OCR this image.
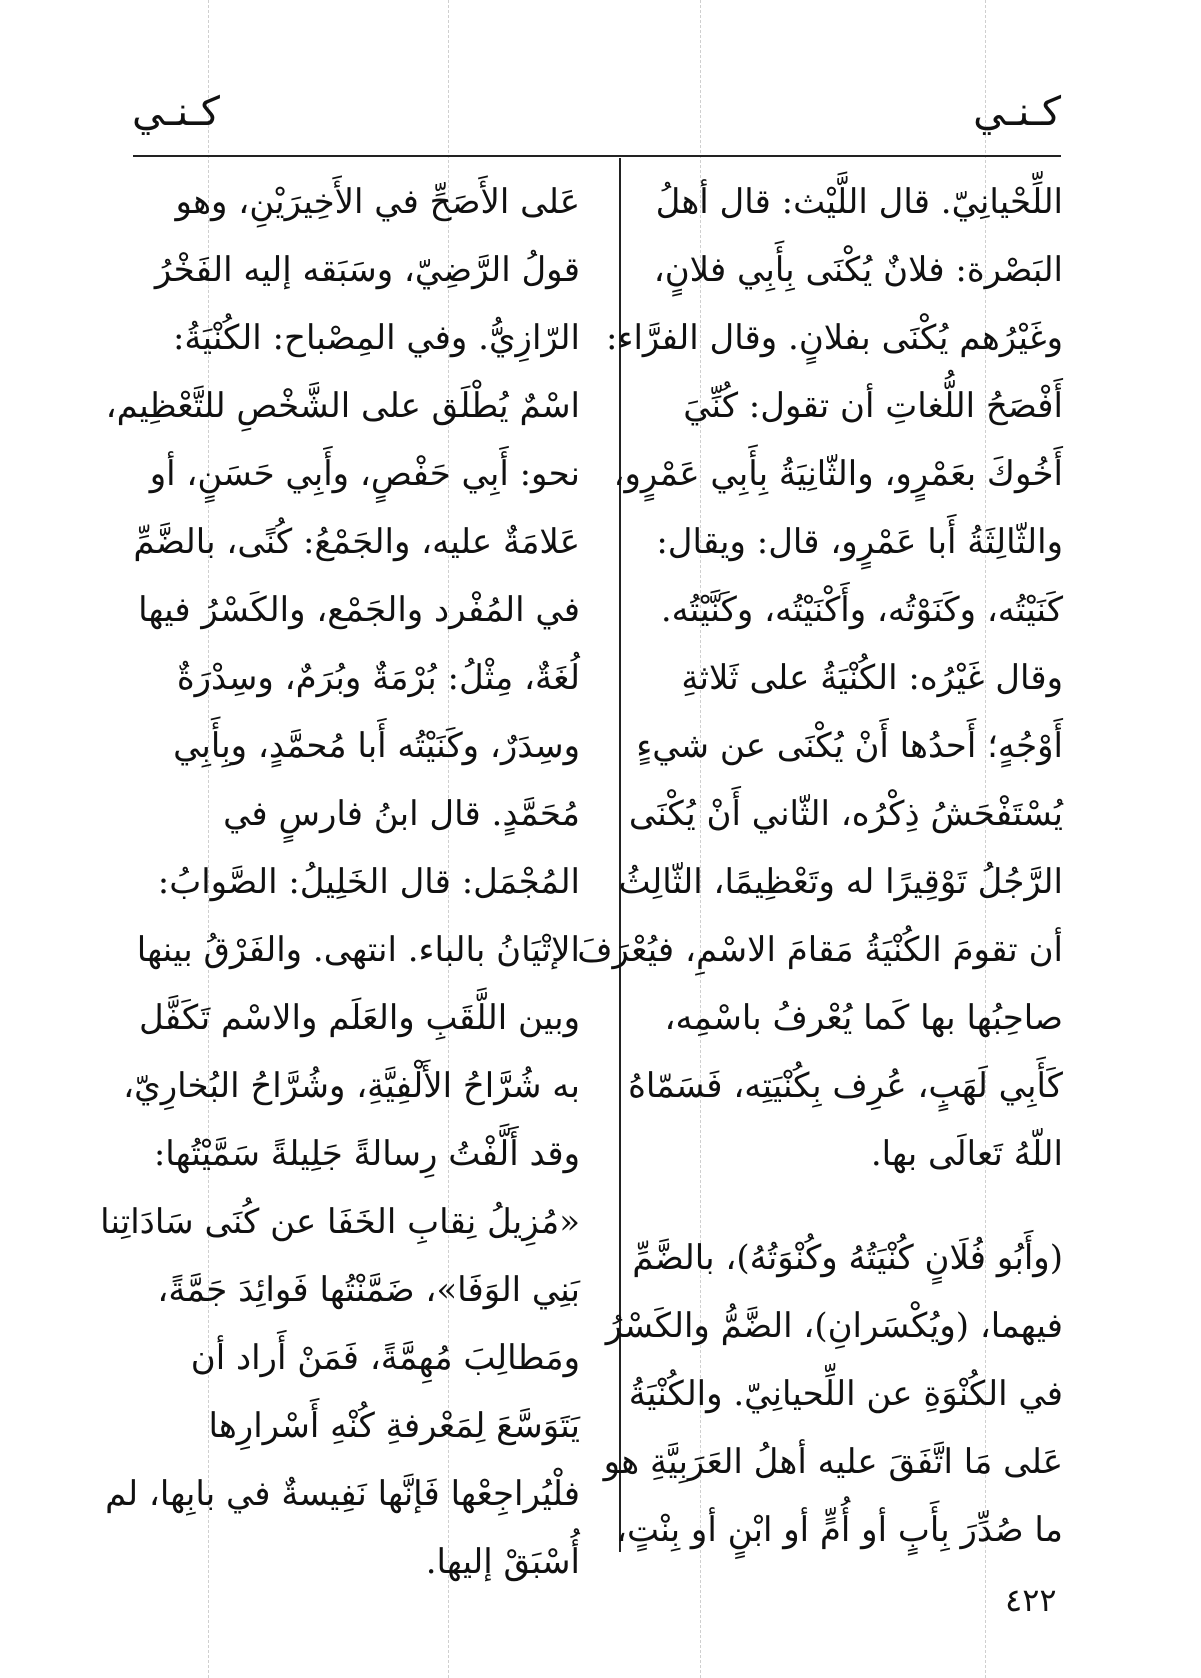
كـنـي
كـنـي
اللِّحْيانِيّ. قال اللَّيْث: قال أهلُ
البَصْرة: فلانٌ يُكْنَى بِأَبِي فلانٍ،
وغَيْرُهم يُكْنَى بفلانٍ. وقال الفرَّاء:
أَفْصَحُ اللُّغاتِ أن تقول: كُنِّيَ
أَخُوكَ بعَمْرٍو، والثّانِيَةُ بِأَبِي عَمْرٍو،
والثّالِثَةُ أَبا عَمْرٍو، قال: ويقال:
كَنَيْتُه، وكَنَوْتُه، وأَكْنَيْتُه، وكَنَّيْتُه.
وقال غَيْرُه: الكُنْيَةُ على ثَلاثةِ
أَوْجُهٍ؛ أَحدُها أَنْ يُكْنَى عن شيءٍ
يُسْتَفْحَشُ ذِكْرُه، الثّاني أَنْ يُكْنَى
الرَّجُلُ تَوْقِيرًا له وتَعْظِيمًا، الثّالِثُ
أن تقومَ الكُنْيَةُ مَقامَ الاسْمِ، فيُعْرَفَ
صاحِبُها بها كَما يُعْرفُ باسْمِه،
كَأَبِي لَهَبٍ، عُرِف بِكُنْيَتِه، فَسَمّاهُ
اللّهُ تَعالَى بها.
(وأَبُو فُلَانٍ كُنْيَتُهُ وكُنْوَتُهُ)، بالضَّمِّ
فيهما، (ويُكْسَرانِ)، الضَّمُّ والكَسْرُ
في الكُنْوَةِ عن اللِّحيانِيّ. والكُنْيَةُ
عَلى مَا اتَّفَقَ عليه أهلُ العَرَبِيَّةِ هو
ما صُدِّرَ بِأَبٍ أو أُمٍّ أو ابْنٍ أو بِنْتٍ،
عَلى الأَصَحِّ في الأَخِيرَيْنِ، وهو
قولُ الرَّضِيّ، وسَبَقه إليه الفَخْرُ
الرّازِيُّ. وفي المِصْباح: الكُنْيَةُ:
اسْمٌ يُطْلَق على الشَّخْصِ للتَّعْظِيم،
نحو: أَبِي حَفْصٍ، وأَبِي حَسَنٍ، أو
عَلامَةٌ عليه، والجَمْعُ: كُنًى، بالضَّمِّ
في المُفْرد والجَمْع، والكَسْرُ فيها
لُغَةٌ، مِثْلُ: بُرْمَةٌ وبُرَمٌ، وسِدْرَةٌ
وسِدَرٌ، وكَنَيْتُه أَبا مُحمَّدٍ، وبِأَبِي
مُحَمَّدٍ. قال ابنُ فارسٍ في
المُجْمَل: قال الخَلِيلُ: الصَّوابُ:
الإتْيَانُ بالباء. انتهى. والفَرْقُ بينها
وبين اللَّقَبِ والعَلَم والاسْم تَكَفَّل
به شُرَّاحُ الأَلْفِيَّةِ، وشُرَّاحُ البُخارِيّ،
وقد أَلَّفْتُ رِسالةً جَلِيلةً سَمَّيْتُها:
«مُزِيلُ نِقابِ الخَفَا عن كُنَى سَادَاتِنا
بَنِي الوَفَا»، ضَمَّنْتُها فَوائِدَ جَمَّةً،
ومَطالِبَ مُهِمَّةً، فَمَنْ أَراد أن
يَتَوَسَّعَ لِمَعْرفةِ كُنْهِ أَسْرارِها
فلْيُراجِعْها فَإنَّها نَفِيسةٌ في بابِها، لم
أُسْبَقْ إليها.
٤٢٢
